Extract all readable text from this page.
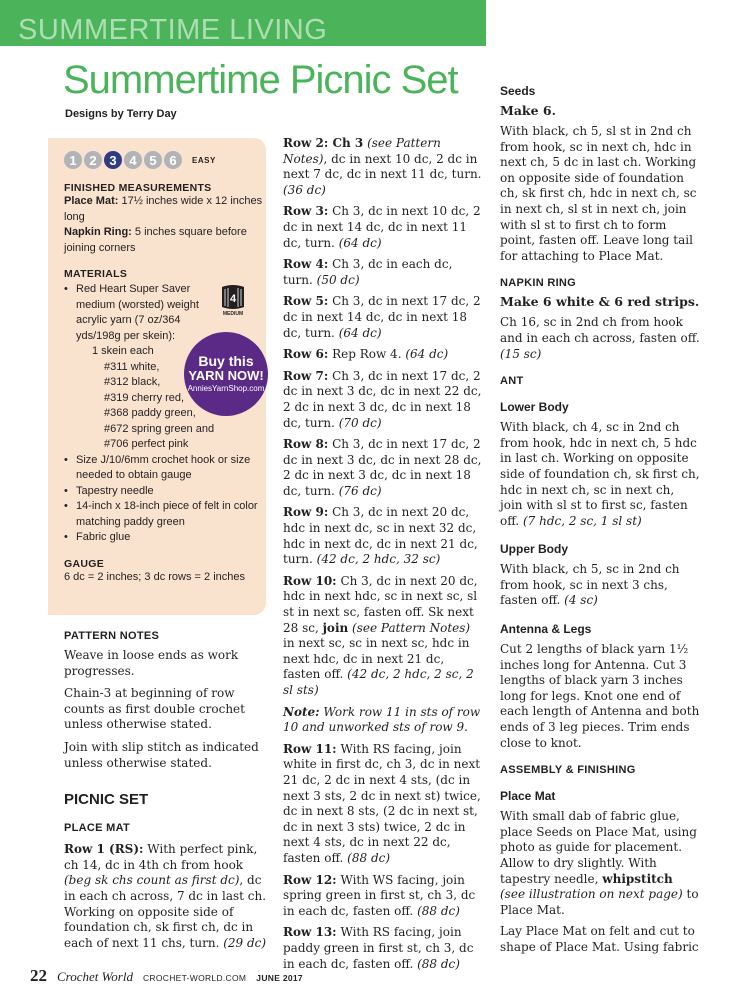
SUMMERTIME LIVING
Summertime Picnic Set
Designs by Terry Day
1 2 3 4 5 6	EASY
FINISHED MEASUREMENTS
Place Mat: 17½ inches wide x 12 inches long
Napkin Ring: 5 inches square before joining corners
MATERIALS
• Red Heart Super Saver medium (worsted) weight acrylic yarn (7 oz/364 yds/198g per skein):
1 skein each
#311 white,
#312 black,
#319 cherry red,
#368 paddy green,
#672 spring green and
#706 perfect pink
• Size J/10/6mm crochet hook or size needed to obtain gauge
• Tapestry needle
• 14-inch x 18-inch piece of felt in color matching paddy green
• Fabric glue
GAUGE
6 dc = 2 inches; 3 dc rows = 2 inches
4
MEDIUM
Buy this
YARN NOW!
AnniesYarnShop.com
PATTERN NOTES
Weave in loose ends as work progresses.
Chain-3 at beginning of row counts as first double crochet unless otherwise stated.
Join with slip stitch as indicated unless otherwise stated.
PICNIC SET
PLACE MAT
Row 1 (RS): With perfect pink, ch 14, dc in 4th ch from hook (beg sk chs count as first dc), dc in each ch across, 7 dc in last ch. Working on opposite side of foundation ch, sk first ch, dc in each of next 11 chs, turn. (29 dc)
Row 2: Ch 3 (see Pattern Notes), dc in next 10 dc, 2 dc in next 7 dc, dc in next 11 dc, turn. (36 dc)
Row 3: Ch 3, dc in next 10 dc, 2 dc in next 14 dc, dc in next 11 dc, turn. (64 dc)
Row 4: Ch 3, dc in each dc, turn. (50 dc)
Row 5: Ch 3, dc in next 17 dc, 2 dc in next 14 dc, dc in next 18 dc, turn. (64 dc)
Row 6: Rep Row 4. (64 dc)
Row 7: Ch 3, dc in next 17 dc, 2 dc in next 3 dc, dc in next 22 dc, 2 dc in next 3 dc, dc in next 18 dc, turn. (70 dc)
Row 8: Ch 3, dc in next 17 dc, 2 dc in next 3 dc, dc in next 28 dc, 2 dc in next 3 dc, dc in next 18 dc, turn. (76 dc)
Row 9: Ch 3, dc in next 20 dc, hdc in next dc, sc in next 32 dc, hdc in next dc, dc in next 21 dc, turn. (42 dc, 2 hdc, 32 sc)
Row 10: Ch 3, dc in next 20 dc, hdc in next hdc, sc in next sc, sl st in next sc, fasten off. Sk next 28 sc, join (see Pattern Notes) in next sc, sc in next sc, hdc in next hdc, dc in next 21 dc, fasten off. (42 dc, 2 hdc, 2 sc, 2 sl sts)
Note: Work row 11 in sts of row 10 and unworked sts of row 9.
Row 11: With RS facing, join white in first dc, ch 3, dc in next 21 dc, 2 dc in next 4 sts, (dc in next 3 sts, 2 dc in next st) twice, dc in next 8 sts, (2 dc in next st, dc in next 3 sts) twice, 2 dc in next 4 sts, dc in next 22 dc, fasten off. (88 dc)
Row 12: With WS facing, join spring green in first st, ch 3, dc in each dc, fasten off. (88 dc)
Row 13: With RS facing, join paddy green in first st, ch 3, dc in each dc, fasten off. (88 dc)
Seeds
Make 6.
With black, ch 5, sl st in 2nd ch from hook, sc in next ch, hdc in next ch, 5 dc in last ch. Working on opposite side of foundation ch, sk first ch, hdc in next ch, sc in next ch, sl st in next ch, join with sl st to first ch to form point, fasten off. Leave long tail for attaching to Place Mat.
NAPKIN RING
Make 6 white & 6 red strips.
Ch 16, sc in 2nd ch from hook and in each ch across, fasten off. (15 sc)
ANT
Lower Body
With black, ch 4, sc in 2nd ch from hook, hdc in next ch, 5 hdc in last ch. Working on opposite side of foundation ch, sk first ch, hdc in next ch, sc in next ch, join with sl st to first sc, fasten off. (7 hdc, 2 sc, 1 sl st)
Upper Body
With black, ch 5, sc in 2nd ch from hook, sc in next 3 chs, fasten off. (4 sc)
Antenna & Legs
Cut 2 lengths of black yarn 1½ inches long for Antenna. Cut 3 lengths of black yarn 3 inches long for legs. Knot one end of each length of Antenna and both ends of 3 leg pieces. Trim ends close to knot.
ASSEMBLY & FINISHING
Place Mat
With small dab of fabric glue, place Seeds on Place Mat, using photo as guide for placement. Allow to dry slightly. With tapestry needle, whipstitch (see illustration on next page) to Place Mat.
Lay Place Mat on felt and cut to shape of Place Mat. Using fabric
22 Crochet World CROCHET-WORLD.COM JUNE 2017
